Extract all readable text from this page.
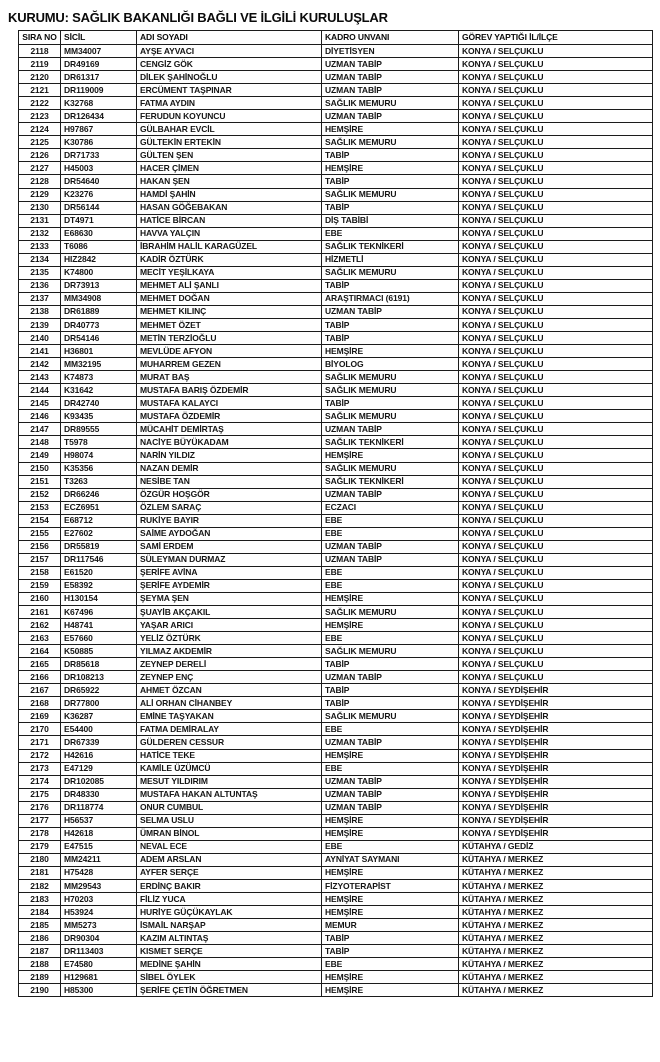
KURUMU: SAĞLIK BAKANLIĞI BAĞLI VE İLGİLİ KURULUŞLAR
SIRA NO	SİCİL	ADI SOYADI	KADRO UNVANI	GÖREV YAPTIĞI İL/İLÇE
2118	MM34007	AYŞE AYVACI	DİYETİSYEN	KONYA / SELÇUKLU
2119	DR49169	CENGİZ GÖK	UZMAN TABİP	KONYA / SELÇUKLU
2120	DR61317	DİLEK ŞAHİNOĞLU	UZMAN TABİP	KONYA / SELÇUKLU
2121	DR119009	ERCÜMENT TAŞPINAR	UZMAN TABİP	KONYA / SELÇUKLU
2122	K32768	FATMA AYDIN	SAĞLIK MEMURU	KONYA / SELÇUKLU
2123	DR126434	FERUDUN KOYUNCU	UZMAN TABİP	KONYA / SELÇUKLU
2124	H97867	GÜLBAHAR EVCİL	HEMŞİRE	KONYA / SELÇUKLU
2125	K30786	GÜLTEKİN ERTEKİN	SAĞLIK MEMURU	KONYA / SELÇUKLU
2126	DR71733	GÜLTEN ŞEN	TABİP	KONYA / SELÇUKLU
2127	H45003	HACER ÇİMEN	HEMŞİRE	KONYA / SELÇUKLU
2128	DR54640	HAKAN ŞEN	TABİP	KONYA / SELÇUKLU
2129	K23276	HAMDİ ŞAHİN	SAĞLIK MEMURU	KONYA / SELÇUKLU
2130	DR56144	HASAN GÖĞEBAKAN	TABİP	KONYA / SELÇUKLU
2131	DT4971	HATİCE BİRCAN	DİŞ TABİBİ	KONYA / SELÇUKLU
2132	E68630	HAVVA YALÇIN	EBE	KONYA / SELÇUKLU
2133	T6086	İBRAHİM HALİL KARAGÜZEL	SAĞLIK TEKNİKERİ	KONYA / SELÇUKLU
2134	HIZ2842	KADİR ÖZTÜRK	HİZMETLİ	KONYA / SELÇUKLU
2135	K74800	MECİT YEŞİLKAYA	SAĞLIK MEMURU	KONYA / SELÇUKLU
2136	DR73913	MEHMET ALİ ŞANLI	TABİP	KONYA / SELÇUKLU
2137	MM34908	MEHMET DOĞAN	ARAŞTIRMACI (6191)	KONYA / SELÇUKLU
2138	DR61889	MEHMET KILINÇ	UZMAN TABİP	KONYA / SELÇUKLU
2139	DR40773	MEHMET ÖZET	TABİP	KONYA / SELÇUKLU
2140	DR54146	METİN TERZİOĞLU	TABİP	KONYA / SELÇUKLU
2141	H36801	MEVLÜDE AFYON	HEMŞİRE	KONYA / SELÇUKLU
2142	MM32195	MUHARREM GEZEN	BİYOLOG	KONYA / SELÇUKLU
2143	K74873	MURAT BAŞ	SAĞLIK MEMURU	KONYA / SELÇUKLU
2144	K31642	MUSTAFA BARIŞ ÖZDEMİR	SAĞLIK MEMURU	KONYA / SELÇUKLU
2145	DR42740	MUSTAFA KALAYCI	TABİP	KONYA / SELÇUKLU
2146	K93435	MUSTAFA ÖZDEMİR	SAĞLIK MEMURU	KONYA / SELÇUKLU
2147	DR89555	MÜCAHİT DEMİRTAŞ	UZMAN TABİP	KONYA / SELÇUKLU
2148	T5978	NACİYE BÜYÜKADAM	SAĞLIK TEKNİKERİ	KONYA / SELÇUKLU
2149	H98074	NARİN YILDIZ	HEMŞİRE	KONYA / SELÇUKLU
2150	K35356	NAZAN DEMİR	SAĞLIK MEMURU	KONYA / SELÇUKLU
2151	T3263	NESİBE TAN	SAĞLIK TEKNİKERİ	KONYA / SELÇUKLU
2152	DR66246	ÖZGÜR HOŞGÖR	UZMAN TABİP	KONYA / SELÇUKLU
2153	ECZ6951	ÖZLEM SARAÇ	ECZACI	KONYA / SELÇUKLU
2154	E68712	RUKİYE BAYIR	EBE	KONYA / SELÇUKLU
2155	E27602	SAİME AYDOĞAN	EBE	KONYA / SELÇUKLU
2156	DR55819	SAMİ ERDEM	UZMAN TABİP	KONYA / SELÇUKLU
2157	DR117546	SÜLEYMAN DURMAZ	UZMAN TABİP	KONYA / SELÇUKLU
2158	E61520	ŞERİFE AVİNA	EBE	KONYA / SELÇUKLU
2159	E58392	ŞERİFE AYDEMİR	EBE	KONYA / SELÇUKLU
2160	H130154	ŞEYMA ŞEN	HEMŞİRE	KONYA / SELÇUKLU
2161	K67496	ŞUAYİB AKÇAKIL	SAĞLIK MEMURU	KONYA / SELÇUKLU
2162	H48741	YAŞAR ARICI	HEMŞİRE	KONYA / SELÇUKLU
2163	E57660	YELİZ ÖZTÜRK	EBE	KONYA / SELÇUKLU
2164	K50885	YILMAZ AKDEMİR	SAĞLIK MEMURU	KONYA / SELÇUKLU
2165	DR85618	ZEYNEP DERELİ	TABİP	KONYA / SELÇUKLU
2166	DR108213	ZEYNEP ENÇ	UZMAN TABİP	KONYA / SELÇUKLU
2167	DR65922	AHMET ÖZCAN	TABİP	KONYA / SEYDİŞEHİR
2168	DR77800	ALİ ORHAN CİHANBEY	TABİP	KONYA / SEYDİŞEHİR
2169	K36287	EMİNE TAŞYAKAN	SAĞLIK MEMURU	KONYA / SEYDİŞEHİR
2170	E54400	FATMA DEMİRALAY	EBE	KONYA / SEYDİŞEHİR
2171	DR67339	GÜLDEREN CESSUR	UZMAN TABİP	KONYA / SEYDİŞEHİR
2172	H42616	HATİCE TEKE	HEMŞİRE	KONYA / SEYDİŞEHİR
2173	E47129	KAMİLE ÜZÜMCÜ	EBE	KONYA / SEYDİŞEHİR
2174	DR102085	MESUT YILDIRIM	UZMAN TABİP	KONYA / SEYDİŞEHİR
2175	DR48330	MUSTAFA HAKAN ALTUNTAŞ	UZMAN TABİP	KONYA / SEYDİŞEHİR
2176	DR118774	ONUR CUMBUL	UZMAN TABİP	KONYA / SEYDİŞEHİR
2177	H56537	SELMA USLU	HEMŞİRE	KONYA / SEYDİŞEHİR
2178	H42618	ÜMRAN BİNOL	HEMŞİRE	KONYA / SEYDİŞEHİR
2179	E47515	NEVAL ECE	EBE	KÜTAHYA / GEDİZ
2180	MM24211	ADEM ARSLAN	AYNİYAT SAYMANI	KÜTAHYA / MERKEZ
2181	H75428	AYFER SERÇE	HEMŞİRE	KÜTAHYA / MERKEZ
2182	MM29543	ERDİNÇ BAKIR	FİZYOTERAPİST	KÜTAHYA / MERKEZ
2183	H70203	FİLİZ YUCA	HEMŞİRE	KÜTAHYA / MERKEZ
2184	H53924	HURİYE GÜÇÜKAYLAK	HEMŞİRE	KÜTAHYA / MERKEZ
2185	MM5273	İSMAİL NARŞAP	MEMUR	KÜTAHYA / MERKEZ
2186	DR90304	KAZIM ALTINTAŞ	TABİP	KÜTAHYA / MERKEZ
2187	DR113403	KISMET SERÇE	TABİP	KÜTAHYA / MERKEZ
2188	E74580	MEDİNE ŞAHİN	EBE	KÜTAHYA / MERKEZ
2189	H129681	SİBEL ÖYLEK	HEMŞİRE	KÜTAHYA / MERKEZ
2190	H85300	ŞERİFE ÇETİN ÖĞRETMEN	HEMŞİRE	KÜTAHYA / MERKEZ
